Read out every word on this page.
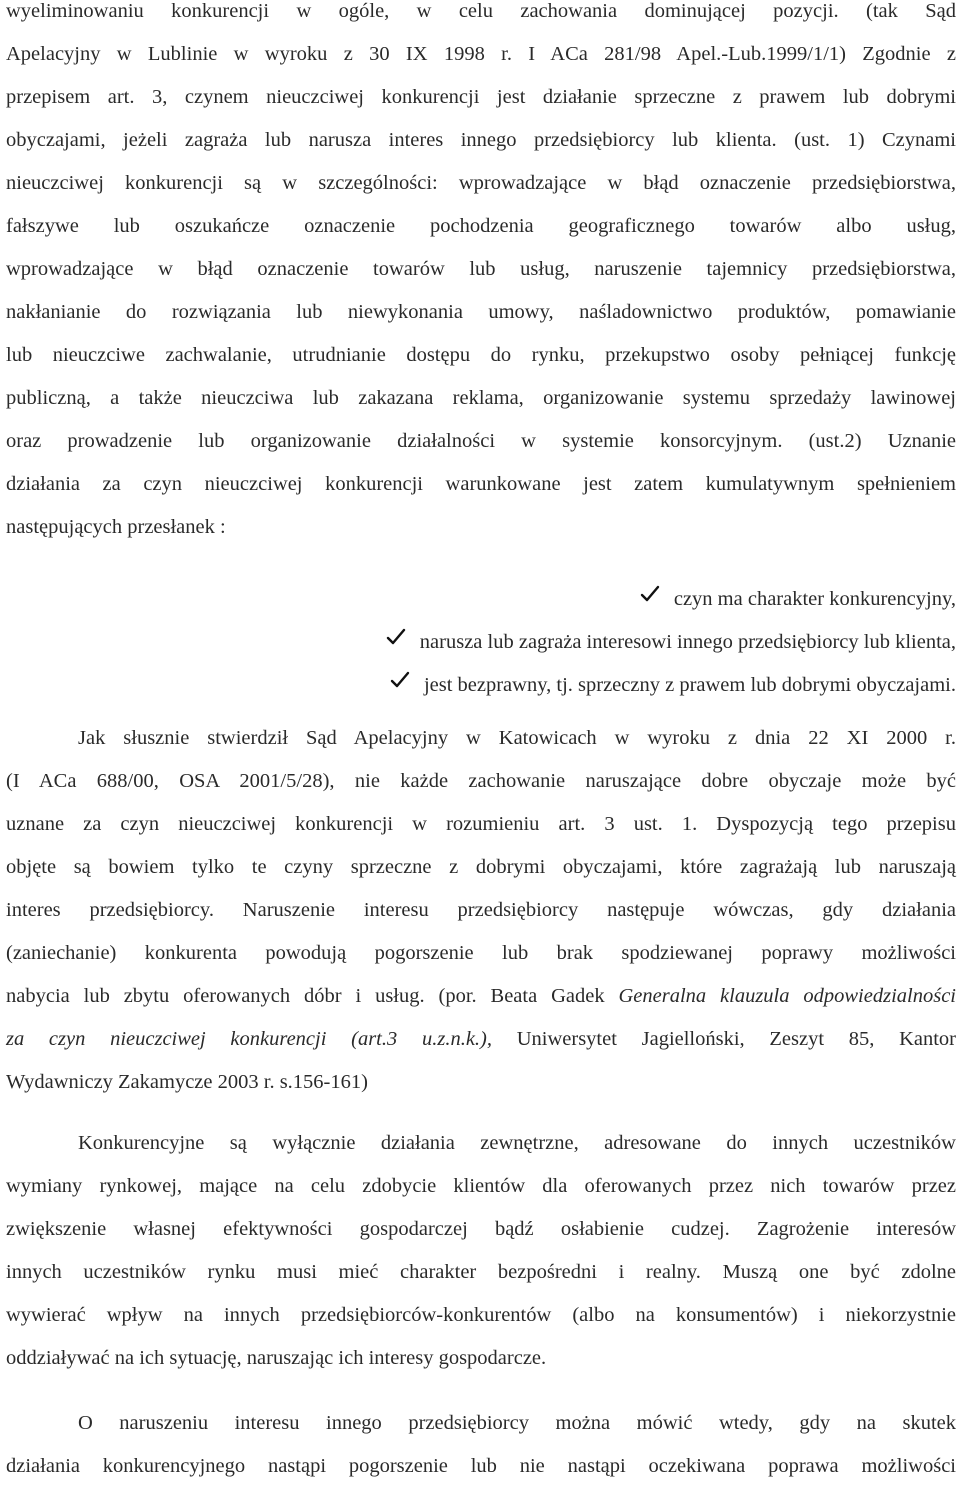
wyeliminowaniu konkurencji w ogóle, w celu zachowania dominującej pozycji. (tak Sąd
Apelacyjny w Lublinie w wyroku z 30 IX 1998 r. I ACa 281/98 Apel.-Lub.1999/1/1) Zgodnie z
przepisem art. 3, czynem nieuczciwej konkurencji jest działanie sprzeczne z prawem lub dobrymi
obyczajami, jeżeli zagraża lub narusza interes innego przedsiębiorcy lub klienta. (ust. 1) Czynami
nieuczciwej konkurencji są w szczególności: wprowadzające w błąd oznaczenie przedsiębiorstwa,
fałszywe lub oszukańcze oznaczenie pochodzenia geograficznego towarów albo usług,
wprowadzające w błąd oznaczenie towarów lub usług, naruszenie tajemnicy przedsiębiorstwa,
nakłanianie do rozwiązania lub niewykonania umowy, naśladownictwo produktów, pomawianie
lub nieuczciwe zachwalanie, utrudnianie dostępu do rynku, przekupstwo osoby pełniącej funkcję
publiczną, a także nieuczciwa lub zakazana reklama, organizowanie systemu sprzedaży lawinowej
oraz prowadzenie lub organizowanie działalności w systemie konsorcyjnym. (ust.2) Uznanie
działania za czyn nieuczciwej konkurencji warunkowane jest zatem kumulatywnym spełnieniem
następujących przesłanek :
czyn ma charakter konkurencyjny,
narusza lub zagraża interesowi innego przedsiębiorcy lub klienta,
jest bezprawny, tj. sprzeczny z prawem lub dobrymi obyczajami.
Jak słusznie stwierdził Sąd Apelacyjny w Katowicach w wyroku z dnia 22 XI 2000 r.
(I ACa 688/00, OSA 2001/5/28), nie każde zachowanie naruszające dobre obyczaje może być
uznane za czyn nieuczciwej konkurencji w rozumieniu art. 3 ust. 1. Dyspozycją tego przepisu
objęte są bowiem tylko te czyny sprzeczne z dobrymi obyczajami, które zagrażają lub naruszają
interes przedsiębiorcy. Naruszenie interesu przedsiębiorcy następuje wówczas, gdy działania
(zaniechanie) konkurenta powodują pogorszenie lub brak spodziewanej poprawy możliwości
nabycia lub zbytu oferowanych dóbr i usług. (por. Beata Gadek Generalna klauzula odpowiedzialności
za czyn nieuczciwej konkurencji (art.3 u.z.n.k.), Uniwersytet Jagielloński, Zeszyt 85, Kantor
Wydawniczy Zakamycze 2003 r. s.156-161)
Konkurencyjne są wyłącznie działania zewnętrzne, adresowane do innych uczestników
wymiany rynkowej, mające na celu zdobycie klientów dla oferowanych przez nich towarów przez
zwiększenie własnej efektywności gospodarczej bądź osłabienie cudzej. Zagrożenie interesów
innych uczestników rynku musi mieć charakter bezpośredni i realny. Muszą one być zdolne
wywierać wpływ na innych przedsiębiorców-konkurentów (albo na konsumentów) i niekorzystnie
oddziaływać na ich sytuację, naruszając ich interesy gospodarcze.
O naruszeniu interesu innego przedsiębiorcy można mówić wtedy, gdy na skutek
działania konkurencyjnego nastąpi pogorszenie lub nie nastąpi oczekiwana poprawa możliwości
